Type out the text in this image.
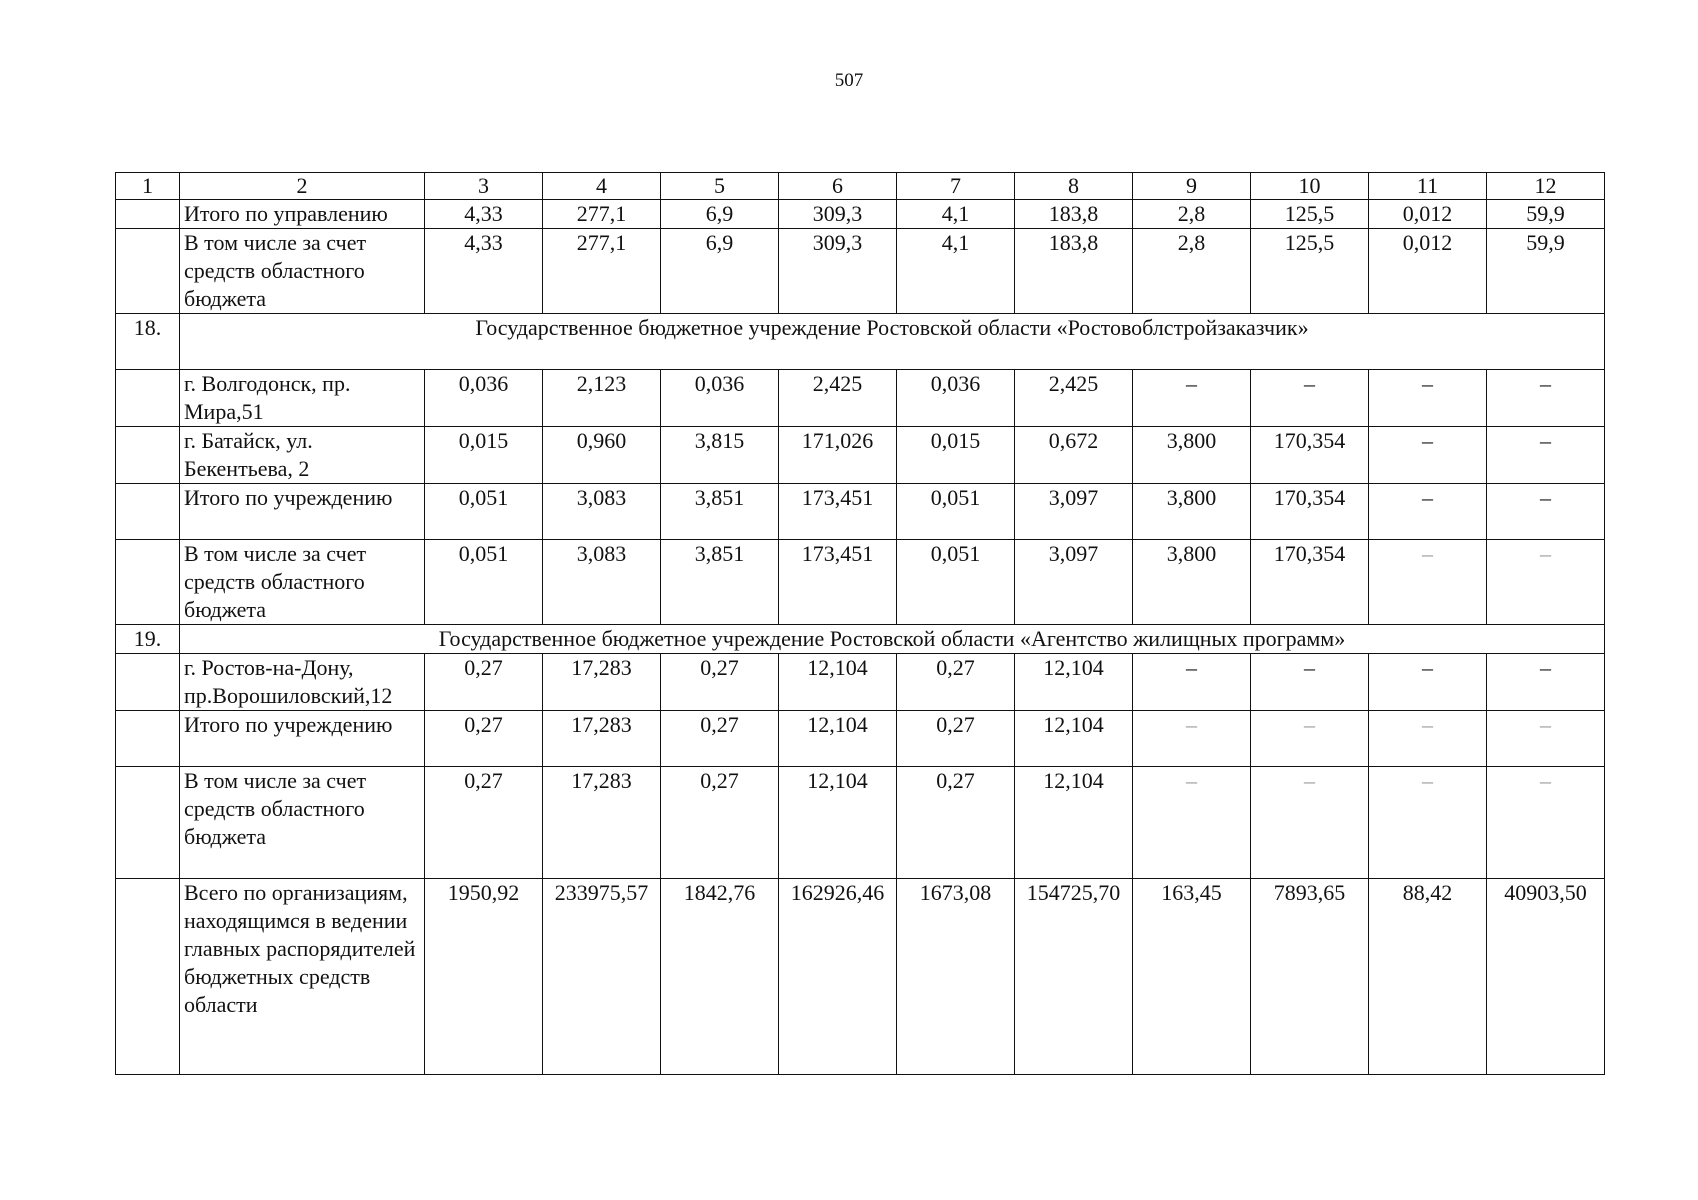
507
1	2	3	4	5	6	7	8	9	10	11	12
	Итого по управлению	4,33	277,1	6,9	309,3	4,1	183,8	2,8	125,5	0,012	59,9
	В том числе за счет средств областного бюджета	4,33	277,1	6,9	309,3	4,1	183,8	2,8	125,5	0,012	59,9
18.	Государственное бюджетное учреждение Ростовской области «Ростовоблстройзаказчик»										
	г. Волгодонск, пр. Мира,51	0,036	2,123	0,036	2,425	0,036	2,425	–	–	–	–
	г. Батайск, ул. Бекентьева, 2	0,015	0,960	3,815	171,026	0,015	0,672	3,800	170,354	–	–
	Итого по учреждению	0,051	3,083	3,851	173,451	0,051	3,097	3,800	170,354	–	–
	В том числе за счет средств областного бюджета	0,051	3,083	3,851	173,451	0,051	3,097	3,800	170,354	–	–
19.	Государственное бюджетное учреждение Ростовской области «Агентство жилищных программ»										
	г. Ростов-на-Дону, пр.Ворошиловский,12	0,27	17,283	0,27	12,104	0,27	12,104	–	–	–	–
	Итого по учреждению	0,27	17,283	0,27	12,104	0,27	12,104	–	–	–	–
	В том числе за счет средств областного бюджета	0,27	17,283	0,27	12,104	0,27	12,104	–	–	–	–
	Всего по организациям, находящимся в ведении главных распорядителей бюджетных средств области	1950,92	233975,57	1842,76	162926,46	1673,08	154725,70	163,45	7893,65	88,42	40903,50
